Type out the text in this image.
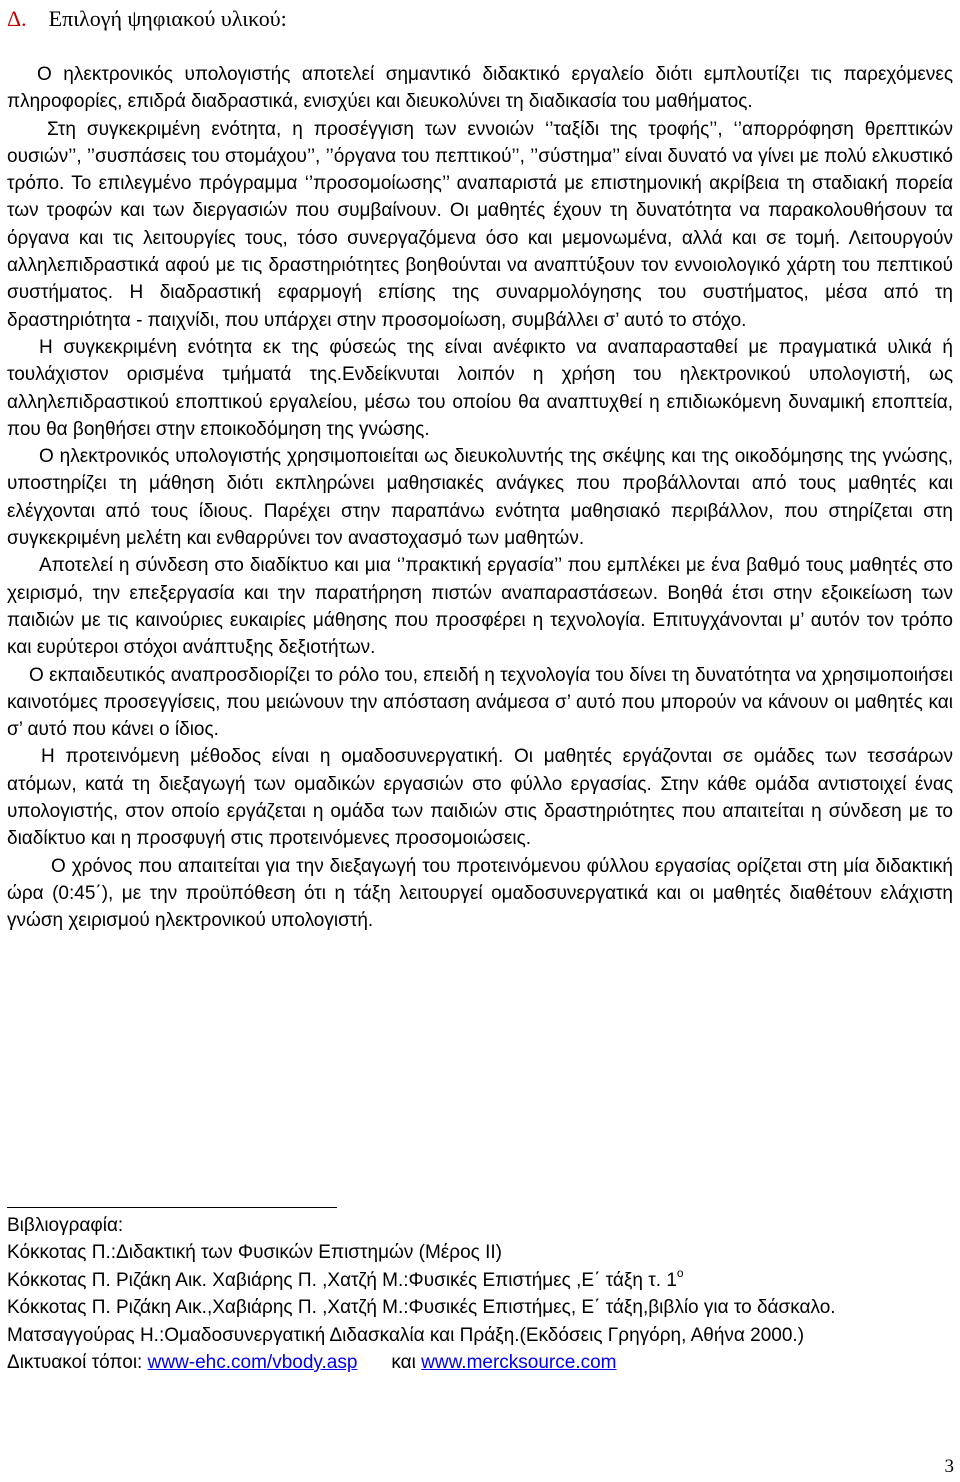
Δ. Επιλογή ψηφιακού υλικού:

Ο ηλεκτρονικός υπολογιστής αποτελεί σημαντικό διδακτικό εργαλείο διότι εμπλουτίζει τις παρεχόμενες πληροφορίες, επιδρά διαδραστικά, ενισχύει και διευκολύνει τη διαδικασία του μαθήματος.

Στη συγκεκριμένη ενότητα, η προσέγγιση των εννοιών ‘’ταξίδι της τροφής’’, ‘’απορρόφηση θρεπτικών ουσιών’’, ’’συσπάσεις του στομάχου’’, ’’όργανα του πεπτικού’’, ’’σύστημα’’ είναι δυνατό να γίνει με πολύ ελκυστικό τρόπο. Το επιλεγμένο πρόγραμμα ‘’προσομοίωσης’’ αναπαριστά με επιστημονική ακρίβεια τη σταδιακή πορεία των τροφών και των διεργασιών που συμβαίνουν. Οι μαθητές έχουν τη δυνατότητα να παρακολουθήσουν τα όργανα και τις λειτουργίες τους, τόσο συνεργαζόμενα όσο και μεμονωμένα, αλλά και σε τομή. Λειτουργούν αλληλεπιδραστικά αφού με τις δραστηριότητες βοηθούνται να αναπτύξουν τον εννοιολογικό χάρτη του πεπτικού συστήματος. Η διαδραστική εφαρμογή επίσης της συναρμολόγησης του συστήματος, μέσα από τη δραστηριότητα - παιχνίδι, που υπάρχει στην προσομοίωση, συμβάλλει σ’ αυτό το στόχο.

Η συγκεκριμένη ενότητα εκ της φύσεώς της είναι ανέφικτο να αναπαρασταθεί με πραγματικά υλικά ή τουλάχιστον ορισμένα τμήματά της.Ενδείκνυται λοιπόν η χρήση του ηλεκτρονικού υπολογιστή, ως αλληλεπιδραστικού εποπτικού εργαλείου, μέσω του οποίου θα αναπτυχθεί η επιδιωκόμενη δυναμική εποπτεία, που θα βοηθήσει στην εποικοδόμηση της γνώσης.

Ο ηλεκτρονικός υπολογιστής χρησιμοποιείται ως διευκολυντής της σκέψης και της οικοδόμησης της γνώσης, υποστηρίζει τη μάθηση διότι εκπληρώνει μαθησιακές ανάγκες που προβάλλονται από τους μαθητές και ελέγχονται από τους ίδιους. Παρέχει στην παραπάνω ενότητα μαθησιακό περιβάλλον, που στηρίζεται στη συγκεκριμένη μελέτη και ενθαρρύνει τον αναστοχασμό των μαθητών.

Αποτελεί η σύνδεση στο διαδίκτυο και μια ‘’πρακτική εργασία’’ που εμπλέκει με ένα βαθμό τους μαθητές στο χειρισμό, την επεξεργασία και την παρατήρηση πιστών αναπαραστάσεων. Βοηθά έτσι στην εξοικείωση των παιδιών με τις καινούριες ευκαιρίες μάθησης που προσφέρει η τεχνολογία. Επιτυγχάνονται μ’ αυτόν τον τρόπο και ευρύτεροι στόχοι ανάπτυξης δεξιοτήτων.

Ο εκπαιδευτικός αναπροσδιορίζει το ρόλο του, επειδή η τεχνολογία του δίνει τη δυνατότητα να χρησιμοποιήσει καινοτόμες προσεγγίσεις, που μειώνουν την απόσταση ανάμεσα σ’ αυτό που μπορούν να κάνουν οι μαθητές και σ’ αυτό που κάνει ο ίδιος.

Η προτεινόμενη μέθοδος είναι η ομαδοσυνεργατική. Οι μαθητές εργάζονται σε ομάδες των τεσσάρων ατόμων, κατά τη διεξαγωγή των ομαδικών εργασιών στο φύλλο εργασίας. Στην κάθε ομάδα αντιστοιχεί ένας υπολογιστής, στον οποίο εργάζεται η ομάδα των παιδιών στις δραστηριότητες που απαιτείται η σύνδεση με το διαδίκτυο και η προσφυγή στις προτεινόμενες προσομοιώσεις.

Ο χρόνος που απαιτείται για την διεξαγωγή του προτεινόμενου φύλλου εργασίας ορίζεται στη μία διδακτική ώρα (0:45΄), με την προϋπόθεση ότι η τάξη λειτουργεί ομαδοσυνεργατικά και οι μαθητές διαθέτουν ελάχιστη γνώση χειρισμού ηλεκτρονικού υπολογιστή.

Βιβλιογραφία:

Κόκκοτας Π.:Διδακτική των Φυσικών Επιστημών (Μέρος ΙΙ)

Κόκκοτας Π. Ριζάκη Αικ. Χαβιάρης Π. ,Χατζή Μ.:Φυσικές Επιστήμες ,Ε΄ τάξη τ. $1^o$

Κόκκοτας Π. Ριζάκη Αικ.,Χαβιάρης Π. ,Χατζή Μ.:Φυσικές Επιστήμες, Ε΄ τάξη,βιβλίο για το δάσκαλο.

Ματσαγγούρας Η.:Ομαδοσυνεργατική Διδασκαλία και Πράξη.(Εκδόσεις Γρηγόρη, Αθήνα 2000.)

Δικτυακοί τόποι: www-ehc.com/vbody.asp και www.mercksource.com

3
